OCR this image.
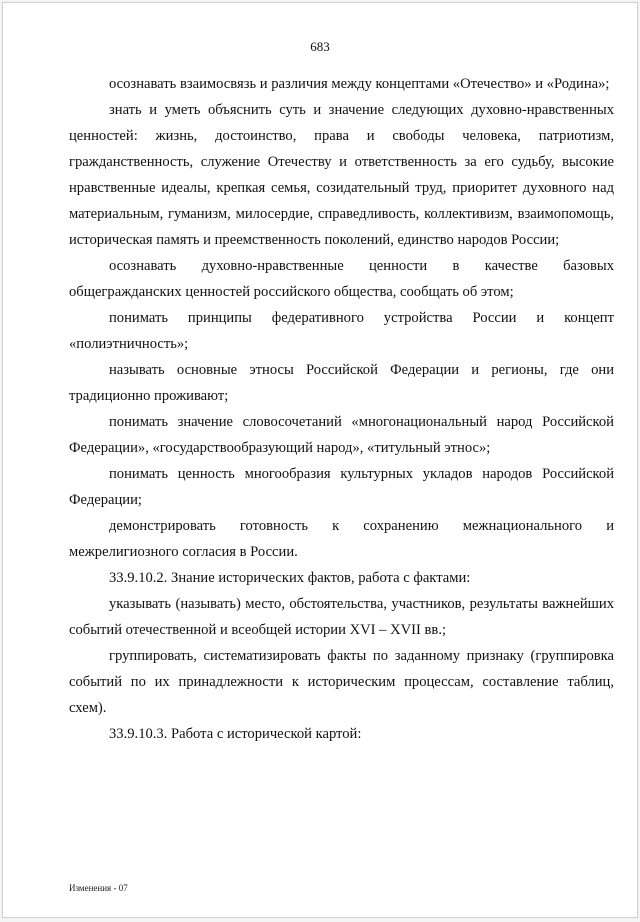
683

осознавать взаимосвязь и различия между концептами «Отечество» и «Родина»;

знать и уметь объяснить суть и значение следующих духовно-нравственных ценностей: жизнь, достоинство, права и свободы человека, патриотизм, гражданственность, служение Отечеству и ответственность за его судьбу, высокие нравственные идеалы, крепкая семья, созидательный труд, приоритет духовного над материальным, гуманизм, милосердие, справедливость, коллективизм, взаимопомощь, историческая память и преемственность поколений, единство народов России;

осознавать духовно-нравственные ценности в качестве базовых общегражданских ценностей российского общества, сообщать об этом;

понимать принципы федеративного устройства России и концепт «полиэтничность»;

называть основные этносы Российской Федерации и регионы, где они традиционно проживают;

понимать значение словосочетаний «многонациональный народ Российской Федерации», «государствообразующий народ», «титульный этнос»;

понимать ценность многообразия культурных укладов народов Российской Федерации;

демонстрировать готовность к сохранению межнационального и межрелигиозного согласия в России.

33.9.10.2. Знание исторических фактов, работа с фактами:

указывать (называть) место, обстоятельства, участников, результаты важнейших событий отечественной и всеобщей истории XVI – XVII вв.;

группировать, систематизировать факты по заданному признаку (группировка событий по их принадлежности к историческим процессам, составление таблиц, схем).

33.9.10.3. Работа с исторической картой:

Изменения - 07
